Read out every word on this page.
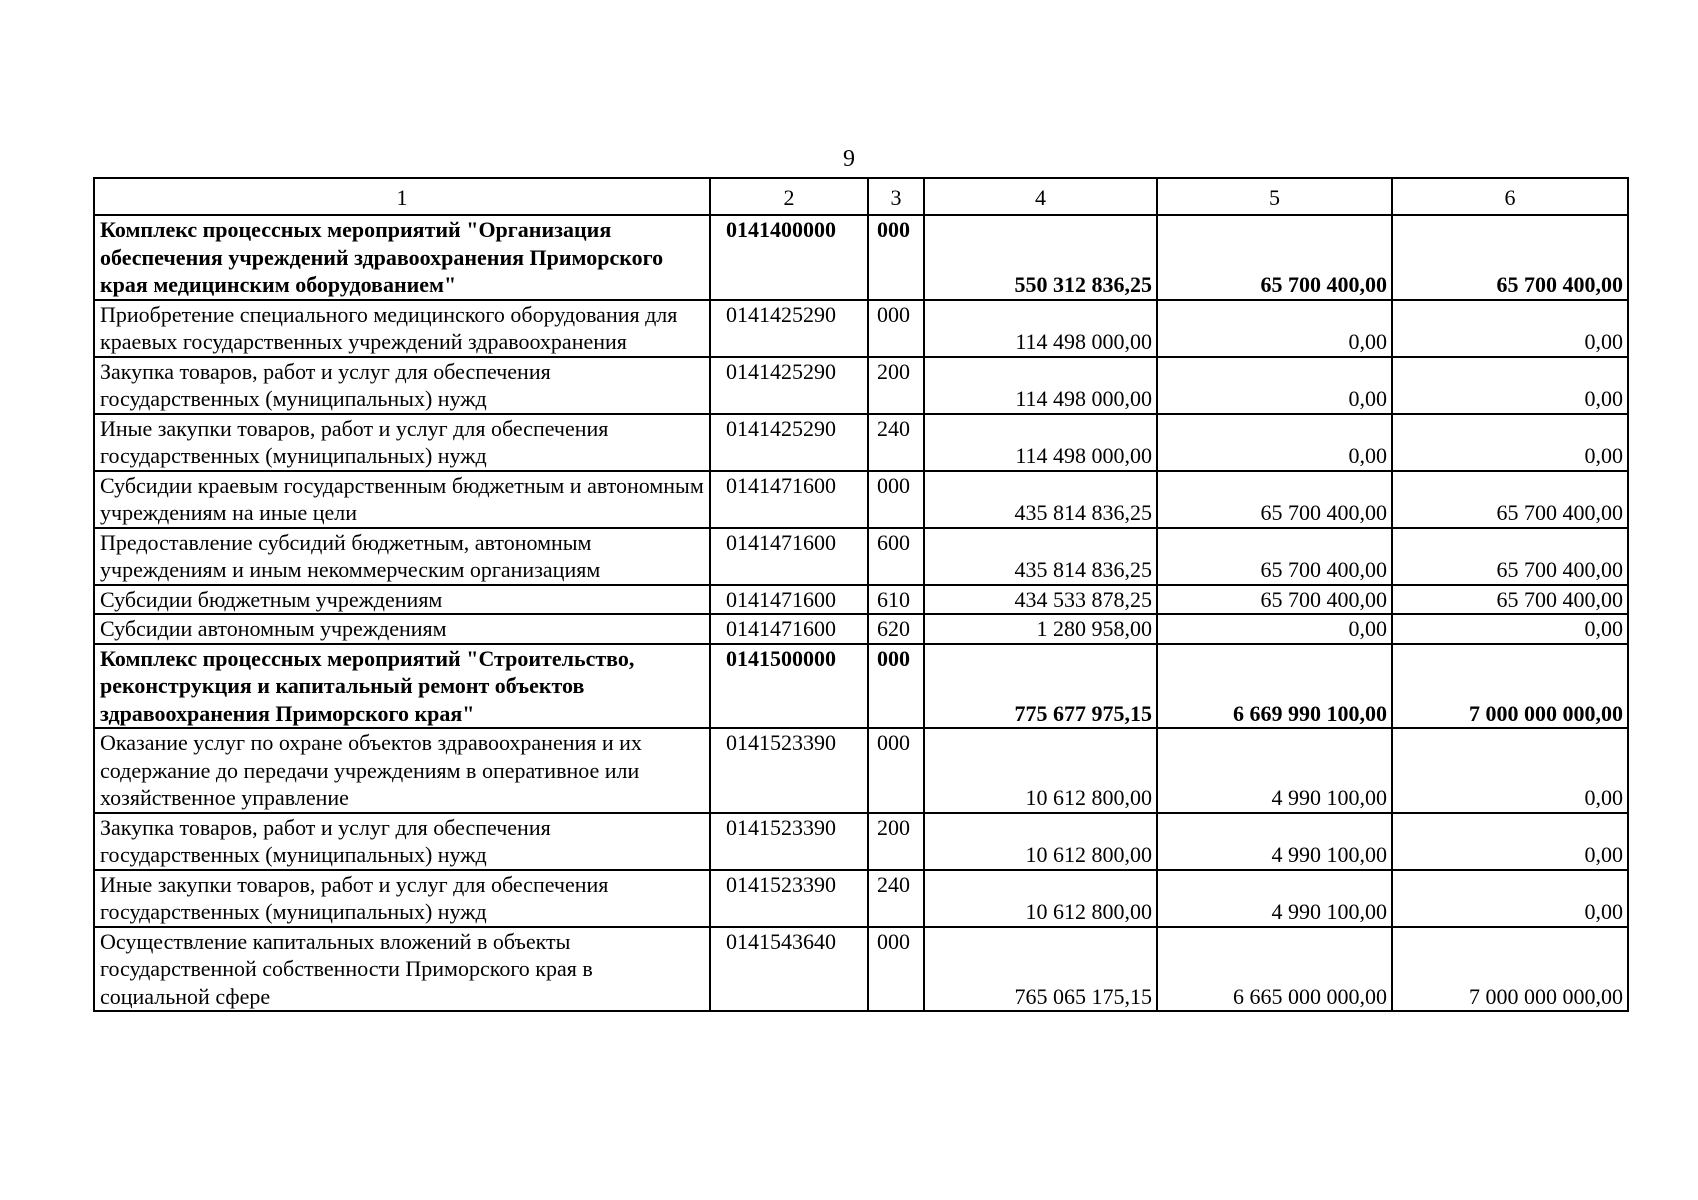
9
1	2	3	4	5	6
Комплекс процессных мероприятий "Организация обеспечения учреждений здравоохранения Приморского края медицинским оборудованием"	0141400000	000	550 312 836,25	65 700 400,00	65 700 400,00
Приобретение специального медицинского оборудования для краевых государственных учреждений здравоохранения	0141425290	000	114 498 000,00	0,00	0,00
Закупка товаров, работ и услуг для обеспечения государственных (муниципальных) нужд	0141425290	200	114 498 000,00	0,00	0,00
Иные закупки товаров, работ и услуг для обеспечения государственных (муниципальных) нужд	0141425290	240	114 498 000,00	0,00	0,00
Субсидии краевым государственным бюджетным и автономным учреждениям на иные цели	0141471600	000	435 814 836,25	65 700 400,00	65 700 400,00
Предоставление субсидий бюджетным, автономным учреждениям и иным некоммерческим организациям	0141471600	600	435 814 836,25	65 700 400,00	65 700 400,00
Субсидии бюджетным учреждениям	0141471600	610	434 533 878,25	65 700 400,00	65 700 400,00
Субсидии автономным учреждениям	0141471600	620	1 280 958,00	0,00	0,00
Комплекс процессных мероприятий "Строительство, реконструкция и капитальный ремонт объектов здравоохранения Приморского края"	0141500000	000	775 677 975,15	6 669 990 100,00	7 000 000 000,00
Оказание услуг по охране объектов здравоохранения и их содержание до передачи учреждениям в оперативное или хозяйственное управление	0141523390	000	10 612 800,00	4 990 100,00	0,00
Закупка товаров, работ и услуг для обеспечения государственных (муниципальных) нужд	0141523390	200	10 612 800,00	4 990 100,00	0,00
Иные закупки товаров, работ и услуг для обеспечения государственных (муниципальных) нужд	0141523390	240	10 612 800,00	4 990 100,00	0,00
Осуществление капитальных вложений в объекты государственной собственности Приморского края в социальной сфере	0141543640	000	765 065 175,15	6 665 000 000,00	7 000 000 000,00
